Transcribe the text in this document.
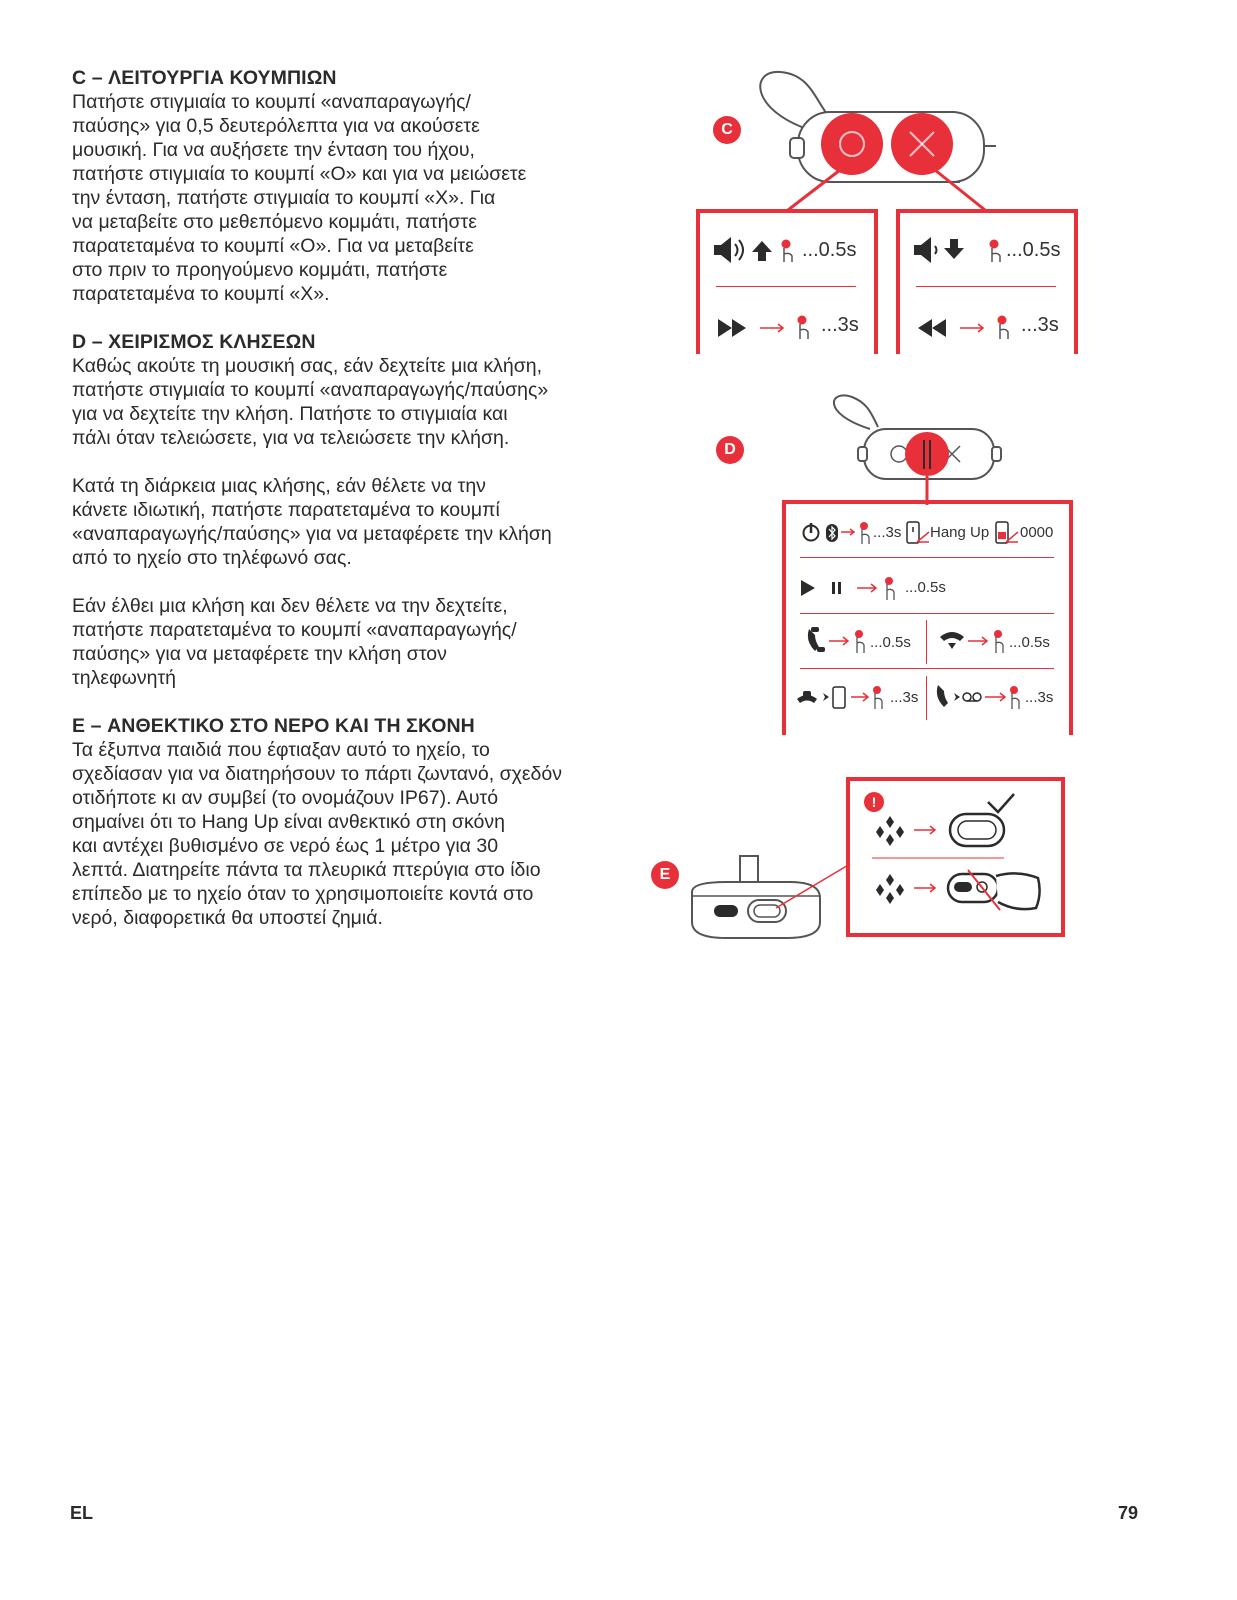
C – ΛΕΙΤΟΥΡΓΙΑ ΚΟΥΜΠΙΩΝ
Πατήστε στιγμιαία το κουμπί «αναπαραγωγής/
παύσης» για 0,5 δευτερόλεπτα για να ακούσετε
μουσική. Για να αυξήσετε την ένταση του ήχου,
πατήστε στιγμιαία το κουμπί «O» και για να μειώσετε
την ένταση, πατήστε στιγμιαία το κουμπί «X». Για
να μεταβείτε στο μεθεπόμενο κομμάτι, πατήστε
παρατεταμένα το κουμπί «O». Για να μεταβείτε
στο πριν το προηγούμενο κομμάτι, πατήστε
παρατεταμένα το κουμπί «X».
D – ΧΕΙΡΙΣΜΟΣ ΚΛΗΣΕΩΝ
Καθώς ακούτε τη μουσική σας, εάν δεχτείτε μια κλήση,
πατήστε στιγμιαία το κουμπί «αναπαραγωγής/παύσης»
για να δεχτείτε την κλήση. Πατήστε το στιγμιαία και
πάλι όταν τελειώσετε, για να τελειώσετε την κλήση.
Κατά τη διάρκεια μιας κλήσης, εάν θέλετε να την
κάνετε ιδιωτική, πατήστε παρατεταμένα το κουμπί
«αναπαραγωγής/παύσης» για να μεταφέρετε την κλήση
από το ηχείο στο τηλέφωνό σας.
Εάν έλθει μια κλήση και δεν θέλετε να την δεχτείτε,
πατήστε παρατεταμένα το κουμπί «αναπαραγωγής/
παύσης» για να μεταφέρετε την κλήση στον
τηλεφωνητή
E – ΑΝΘΕΚΤΙΚΟ ΣΤΟ ΝΕΡΟ ΚΑΙ ΤΗ ΣΚΟΝΗ
Τα έξυπνα παιδιά που έφτιαξαν αυτό το ηχείο, το
σχεδίασαν για να διατηρήσουν το πάρτι ζωντανό, σχεδόν
οτιδήποτε κι αν συμβεί (το ονομάζουν IP67). Αυτό
σημαίνει ότι το Hang Up είναι ανθεκτικό στη σκόνη
και αντέχει βυθισμένο σε νερό έως 1 μέτρο για 30
λεπτά. Διατηρείτε πάντα τα πλευρικά πτερύγια στο ίδιο
επίπεδο με το ηχείο όταν το χρησιμοποιείτε κοντά στο
νερό, διαφορετικά θα υποστεί ζημιά.
C
...0.5s
...3s
...0.5s
...3s
D
...3s Hang Up 0000
...0.5s
...0.5s	...0.5s
...3s	...3s
E
!
EL	79
